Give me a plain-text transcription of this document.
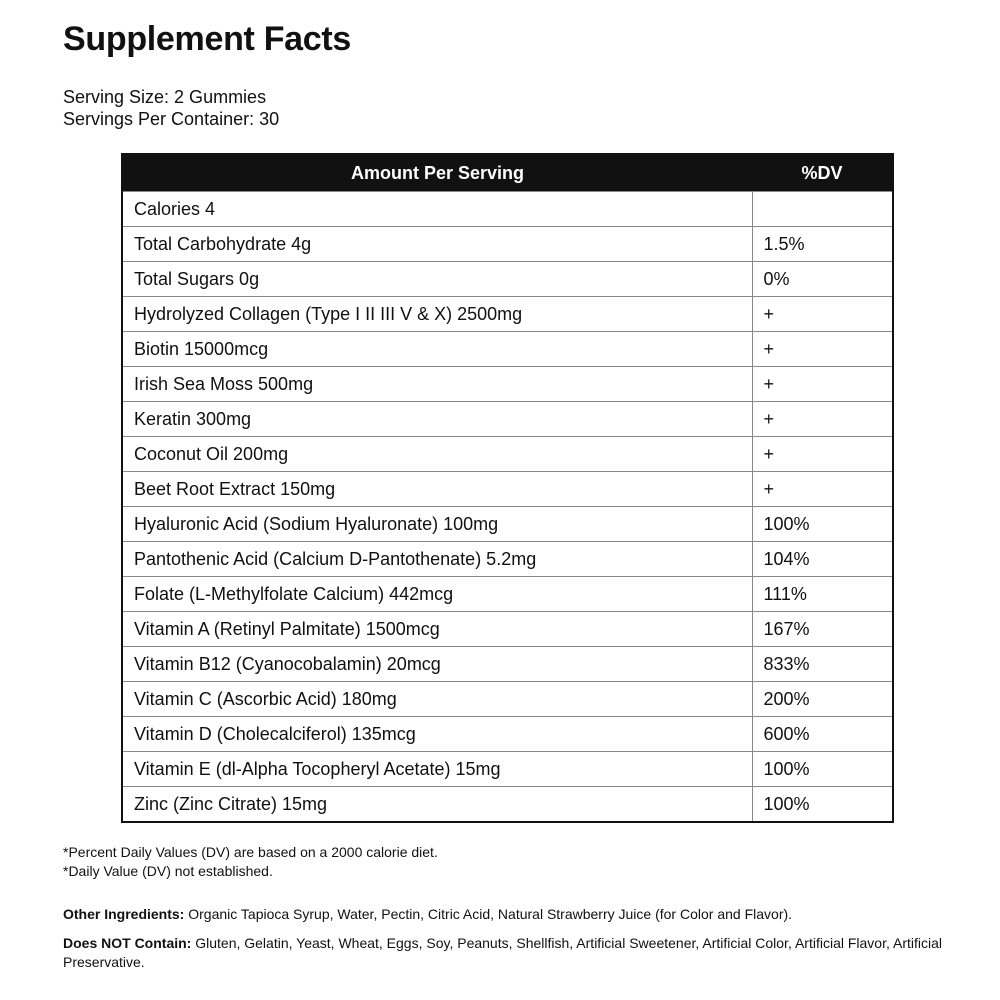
Supplement Facts
Serving Size: 2 Gummies
Servings Per Container: 30
Amount Per Serving	%DV
Calories 4	
Total Carbohydrate 4g	1.5%
Total Sugars 0g	0%
Hydrolyzed Collagen (Type I II III V & X) 2500mg	+
Biotin 15000mcg	+
Irish Sea Moss 500mg	+
Keratin 300mg	+
Coconut Oil 200mg	+
Beet Root Extract 150mg	+
Hyaluronic Acid (Sodium Hyaluronate) 100mg	100%
Pantothenic Acid (Calcium D-Pantothenate) 5.2mg	104%
Folate (L-Methylfolate Calcium) 442mcg	111%
Vitamin A (Retinyl Palmitate) 1500mcg	167%
Vitamin B12 (Cyanocobalamin) 20mcg	833%
Vitamin C (Ascorbic Acid) 180mg	200%
Vitamin D (Cholecalciferol) 135mcg	600%
Vitamin E (dl-Alpha Tocopheryl Acetate) 15mg	100%
Zinc (Zinc Citrate) 15mg	100%
*Percent Daily Values (DV) are based on a 2000 calorie diet.
*Daily Value (DV) not established.

Other Ingredients: Organic Tapioca Syrup, Water, Pectin, Citric Acid, Natural Strawberry Juice (for Color and Flavor).

Does NOT Contain: Gluten, Gelatin, Yeast, Wheat, Eggs, Soy, Peanuts, Shellfish, Artificial Sweetener, Artificial Color, Artificial Flavor, Artificial Preservative.
